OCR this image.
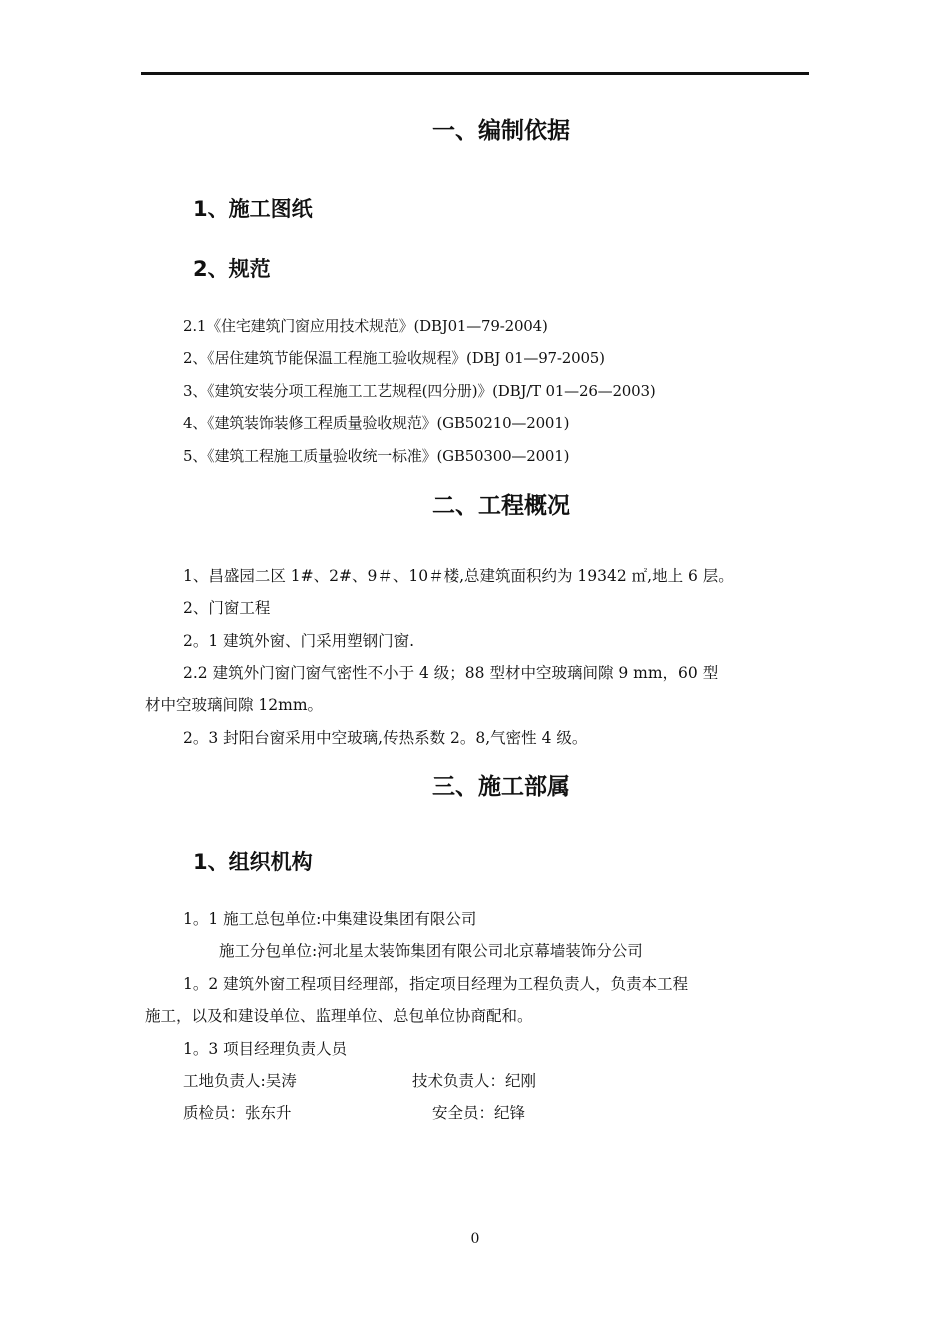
一、编制依据
1、施工图纸
2、规范
2.1《住宅建筑门窗应用技术规范》(DBJ01—79-2004)
2、《居住建筑节能保温工程施工验收规程》(DBJ 01—97-2005)
3、《建筑安装分项工程施工工艺规程(四分册)》(DBJ/T 01—26—2003)
4、《建筑装饰装修工程质量验收规范》(GB50210—2001)
5、《建筑工程施工质量验收统一标准》(GB50300—2001)
二、工程概况
1、昌盛园二区 1#、2#、9＃、10＃楼,总建筑面积约为 19342 ㎡,地上 6 层。
2、门窗工程
2。1 建筑外窗、门采用塑钢门窗.
2.2 建筑外门窗门窗气密性不小于 4 级；88 型材中空玻璃间隙 9 mm，60 型
材中空玻璃间隙 12mm。
2。3 封阳台窗采用中空玻璃,传热系数 2。8,气密性 4 级。
三、施工部属
1、组织机构
1。1 施工总包单位:中集建设集团有限公司
施工分包单位:河北星太装饰集团有限公司北京幕墙装饰分公司
1。2 建筑外窗工程项目经理部，指定项目经理为工程负责人，负责本工程
施工，以及和建设单位、监理单位、总包单位协商配和。
1。3 项目经理负责人员
工地负责人:吴涛	技术负责人：纪刚
质检员：张东升	安全员：纪锋
0
